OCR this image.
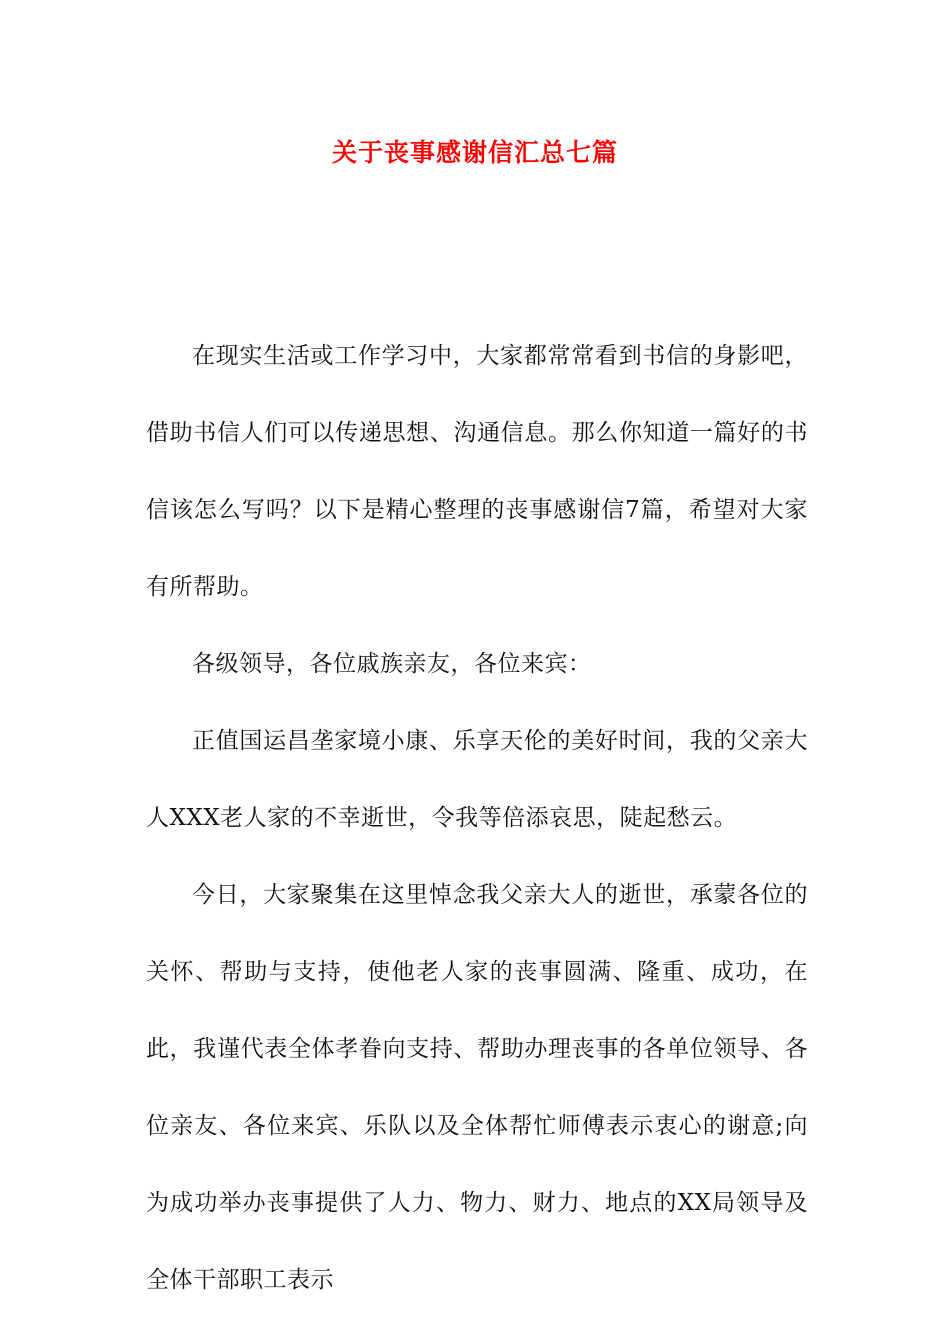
关于丧事感谢信汇总七篇

在现实生活或工作学习中，大家都常常看到书信的身影吧，借助书信人们可以传递思想、沟通信息。那么你知道一篇好的书信该怎么写吗？以下是精心整理的丧事感谢信7篇，希望对大家有所帮助。

各级领导，各位戚族亲友，各位来宾：

正值国运昌垄家境小康、乐享天伦的美好时间，我的父亲大人XXX老人家的不幸逝世，令我等倍添哀思，陡起愁云。

今日，大家聚集在这里悼念我父亲大人的逝世，承蒙各位的关怀、帮助与支持，使他老人家的丧事圆满、隆重、成功，在此，我谨代表全体孝眷向支持、帮助办理丧事的各单位领导、各位亲友、各位来宾、乐队以及全体帮忙师傅表示衷心的谢意;向为成功举办丧事提供了人力、物力、财力、地点的XX局领导及全体干部职工表示
